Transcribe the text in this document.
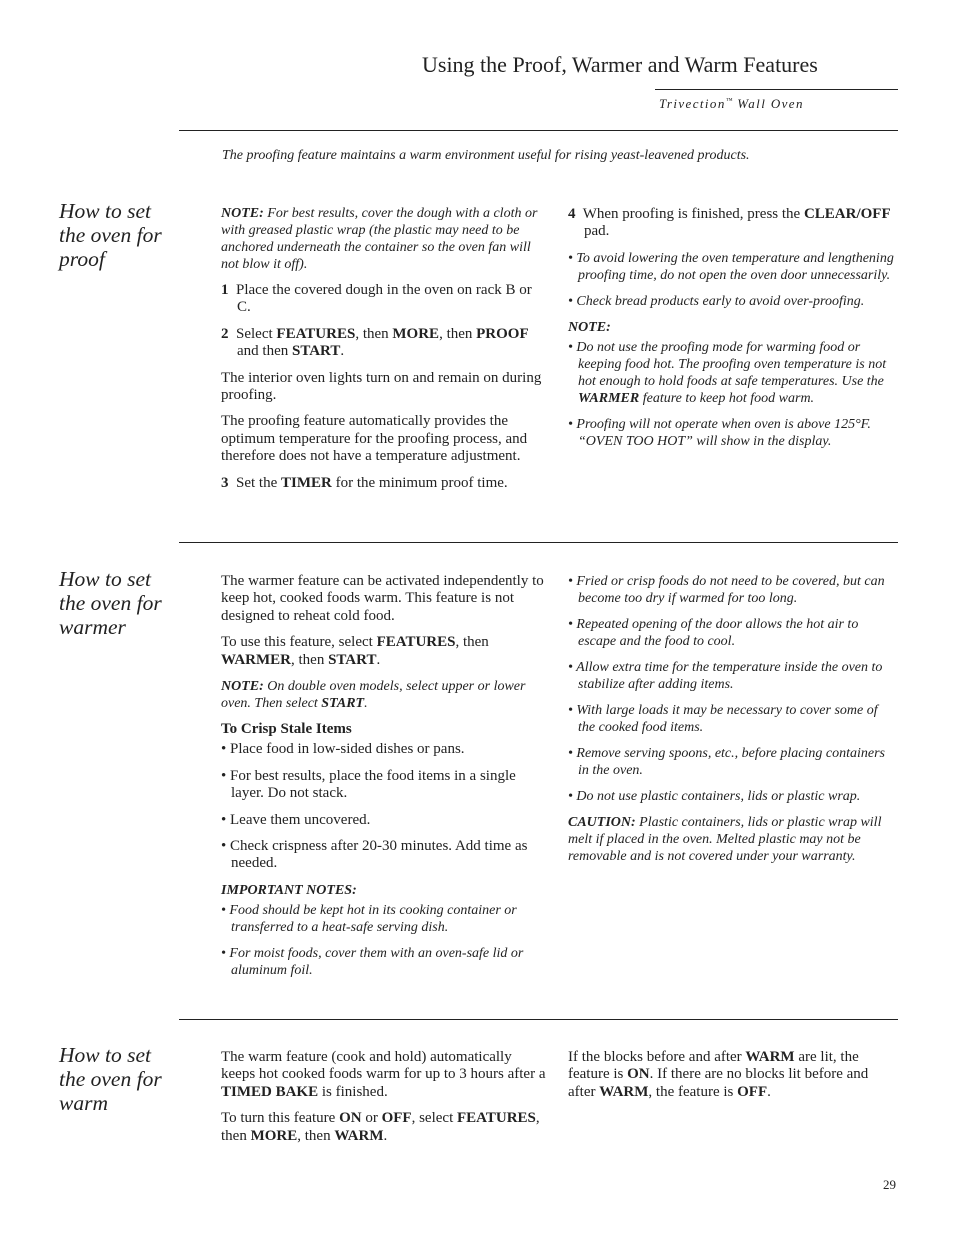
Using the Proof, Warmer and Warm Features
Trivection™ Wall Oven
The proofing feature maintains a warm environment useful for rising yeast-leavened products.
How to set the oven for proof

NOTE: For best results, cover the dough with a cloth or with greased plastic wrap (the plastic may need to be anchored underneath the container so the oven fan will not blow it off).

1 Place the covered dough in the oven on rack B or C.

2 Select FEATURES, then MORE, then PROOF and then START.

The interior oven lights turn on and remain on during proofing.

The proofing feature automatically provides the optimum temperature for the proofing process, and therefore does not have a temperature adjustment.

3 Set the TIMER for the minimum proof time.

4 When proofing is finished, press the CLEAR/OFF pad.

• To avoid lowering the oven temperature and lengthening proofing time, do not open the oven door unnecessarily.

• Check bread products early to avoid over-proofing.

NOTE:

• Do not use the proofing mode for warming food or keeping food hot. The proofing oven temperature is not hot enough to hold foods at safe temperatures. Use the WARMER feature to keep hot food warm.

• Proofing will not operate when oven is above 125°F. “OVEN TOO HOT” will show in the display.

How to set the oven for warmer

The warmer feature can be activated independently to keep hot, cooked foods warm. This feature is not designed to reheat cold food.

To use this feature, select FEATURES, then WARMER, then START.

NOTE: On double oven models, select upper or lower oven. Then select START.

To Crisp Stale Items

• Place food in low-sided dishes or pans.

• For best results, place the food items in a single layer. Do not stack.

• Leave them uncovered.

• Check crispness after 20-30 minutes. Add time as needed.

IMPORTANT NOTES:

• Food should be kept hot in its cooking container or transferred to a heat-safe serving dish.

• For moist foods, cover them with an oven-safe lid or aluminum foil.

• Fried or crisp foods do not need to be covered, but can become too dry if warmed for too long.

• Repeated opening of the door allows the hot air to escape and the food to cool.

• Allow extra time for the temperature inside the oven to stabilize after adding items.

• With large loads it may be necessary to cover some of the cooked food items.

• Remove serving spoons, etc., before placing containers in the oven.

• Do not use plastic containers, lids or plastic wrap.

CAUTION: Plastic containers, lids or plastic wrap will melt if placed in the oven. Melted plastic may not be removable and is not covered under your warranty.

How to set the oven for warm

The warm feature (cook and hold) automatically keeps hot cooked foods warm for up to 3 hours after a TIMED BAKE is finished.

To turn this feature ON or OFF, select FEATURES, then MORE, then WARM.

If the blocks before and after WARM are lit, the feature is ON. If there are no blocks lit before and after WARM, the feature is OFF.

29
